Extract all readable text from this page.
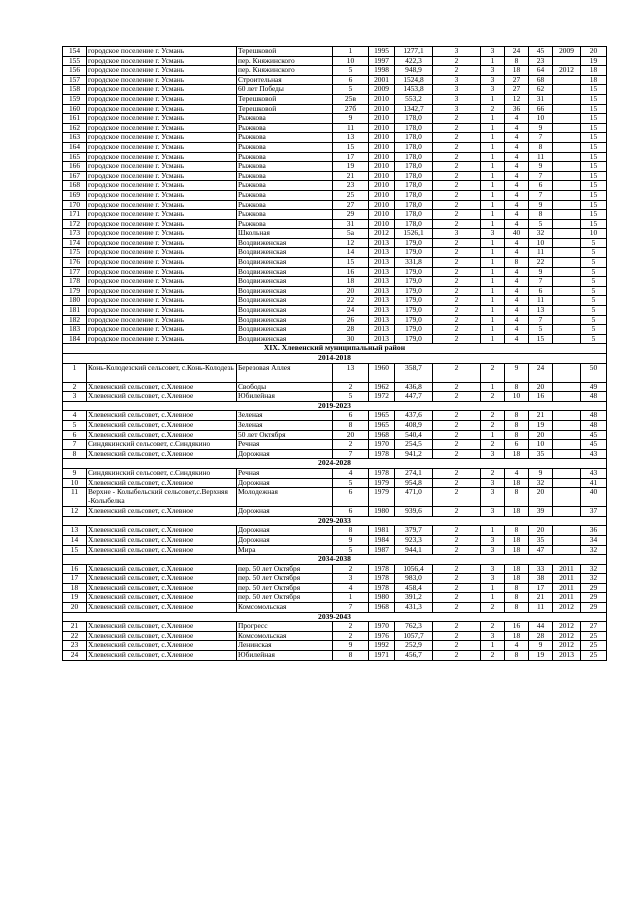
154	городское поселение г. Усмань	Терешковой	1	1995	1277,1	3	3	24	45	2009	20
155	городское поселение г. Усмань	пер. Княжинского	10	1997	422,3	2	1	8	23		19
156	городское поселение г. Усмань	пер. Княжинского	5	1998	948,9	2	3	18	64	2012	18
157	городское поселение г. Усмань	Строительная	6	2001	1524,8	3	3	27	68		18
158	городское поселение г. Усмань	60 лет Победы	5	2009	1453,8	3	3	27	62		15
159	городское поселение г. Усмань	Терешковой	25в	2010	553,2	3	1	12	31		15
160	городское поселение г. Усмань	Терешковой	27б	2010	1342,7	3	2	36	66		15
161	городское поселение г. Усмань	Рыжкова	9	2010	178,0	2	1	4	10		15
162	городское поселение г. Усмань	Рыжкова	11	2010	178,0	2	1	4	9		15
163	городское поселение г. Усмань	Рыжкова	13	2010	178,0	2	1	4	7		15
164	городское поселение г. Усмань	Рыжкова	15	2010	178,0	2	1	4	8		15
165	городское поселение г. Усмань	Рыжкова	17	2010	178,0	2	1	4	11		15
166	городское поселение г. Усмань	Рыжкова	19	2010	178,0	2	1	4	9		15
167	городское поселение г. Усмань	Рыжкова	21	2010	178,0	2	1	4	7		15
168	городское поселение г. Усмань	Рыжкова	23	2010	178,0	2	1	4	6		15
169	городское поселение г. Усмань	Рыжкова	25	2010	178,0	2	1	4	7		15
170	городское поселение г. Усмань	Рыжкова	27	2010	178,0	2	1	4	9		15
171	городское поселение г. Усмань	Рыжкова	29	2010	178,0	2	1	4	8		15
172	городское поселение г. Усмань	Рыжкова	31	2010	178,0	2	1	4	5		15
173	городское поселение г. Усмань	Школьная	5а	2012	1526,1	3	3	40	32		10
174	городское поселение г. Усмань	Воздвиженская	12	2013	179,0	2	1	4	10		5
175	городское поселение г. Усмань	Воздвиженская	14	2013	179,0	2	1	4	11		5
176	городское поселение г. Усмань	Воздвиженская	15	2013	331,8	2	1	8	22		5
177	городское поселение г. Усмань	Воздвиженская	16	2013	179,0	2	1	4	9		5
178	городское поселение г. Усмань	Воздвиженская	18	2013	179,0	2	1	4	7		5
179	городское поселение г. Усмань	Воздвиженская	20	2013	179,0	2	1	4	6		5
180	городское поселение г. Усмань	Воздвиженская	22	2013	179,0	2	1	4	11		5
181	городское поселение г. Усмань	Воздвиженская	24	2013	179,0	2	1	4	13		5
182	городское поселение г. Усмань	Воздвиженская	26	2013	179,0	2	1	4	7		5
183	городское поселение г. Усмань	Воздвиженская	28	2013	179,0	2	1	4	5		5
184	городское поселение г. Усмань	Воздвиженская	30	2013	179,0	2	1	4	15		5
XIX. Хлевенский муниципальный район											
2014-2018											
1	Конь-Колодезский сельсовет, с.Конь-Колодезь	Березовая Аллея	13	1960	358,7	2	2	9	24		50
2	Хлевенский сельсовет, с.Хлевное	Свободы	2	1962	436,8	2	1	8	20		49
3	Хлевенский сельсовет, с.Хлевное	Юбилейная	5	1972	447,7	2	2	10	16		48
2019-2023											
4	Хлевенский сельсовет, с.Хлевное	Зеленая	6	1965	437,6	2	2	8	21		48
5	Хлевенский сельсовет, с.Хлевное	Зеленая	8	1965	408,9	2	2	8	19		48
6	Хлевенский сельсовет, с.Хлевное	50 лет Октября	20	1968	540,4	2	1	8	20		45
7	Синдякинский сельсовет, с.Синдякино	Речная	2	1970	254,5	2	2	6	10		45
8	Хлевенский сельсовет, с.Хлевное	Дорожная	7	1978	941,2	2	3	18	35		43
2024-2028											
9	Синдякинский сельсовет, с.Синдякино	Речная	4	1978	274,1	2	2	4	9		43
10	Хлевенский сельсовет, с.Хлевное	Дорожная	5	1979	954,8	2	3	18	32		41
11	Верхне - Колыбельский сельсовет,с.Верхняя -Колыбелка	Молодежная	6	1979	471,0	2	3	8	20		40
12	Хлевенский сельсовет, с.Хлевное	Дорожная	6	1980	939,6	2	3	18	39		37
2029-2033											
13	Хлевенский сельсовет, с.Хлевное	Дорожная	8	1981	379,7	2	1	8	20		36
14	Хлевенский сельсовет, с.Хлевное	Дорожная	9	1984	923,3	2	3	18	35		34
15	Хлевенский сельсовет, с.Хлевное	Мира	5	1987	944,1	2	3	18	47		32
2034-2038											
16	Хлевенский сельсовет, с.Хлевное	пер. 50 лет Октября	2	1978	1056,4	2	3	18	33	2011	32
17	Хлевенский сельсовет, с.Хлевное	пер. 50 лет Октября	3	1978	983,0	2	3	18	38	2011	32
18	Хлевенский сельсовет, с.Хлевное	пер. 50 лет Октября	4	1978	458,4	2	1	8	17	2011	29
19	Хлевенский сельсовет, с.Хлевное	пер. 50 лет Октября	1	1980	391,2	2	1	8	21	2011	29
20	Хлевенский сельсовет, с.Хлевное	Комсомольская	7	1968	431,3	2	2	8	11	2012	29
2039-2043											
21	Хлевенский сельсовет, с.Хлевное	Прогресс	2	1970	762,3	2	2	16	44	2012	27
22	Хлевенский сельсовет, с.Хлевное	Комсомольская	2	1976	1057,7	2	3	18	28	2012	25
23	Хлевенский сельсовет, с.Хлевное	Ленинская	9	1992	252,9	2	1	4	9	2012	25
24	Хлевенский сельсовет, с.Хлевное	Юбилейная	8	1971	456,7	2	2	8	19	2013	25
